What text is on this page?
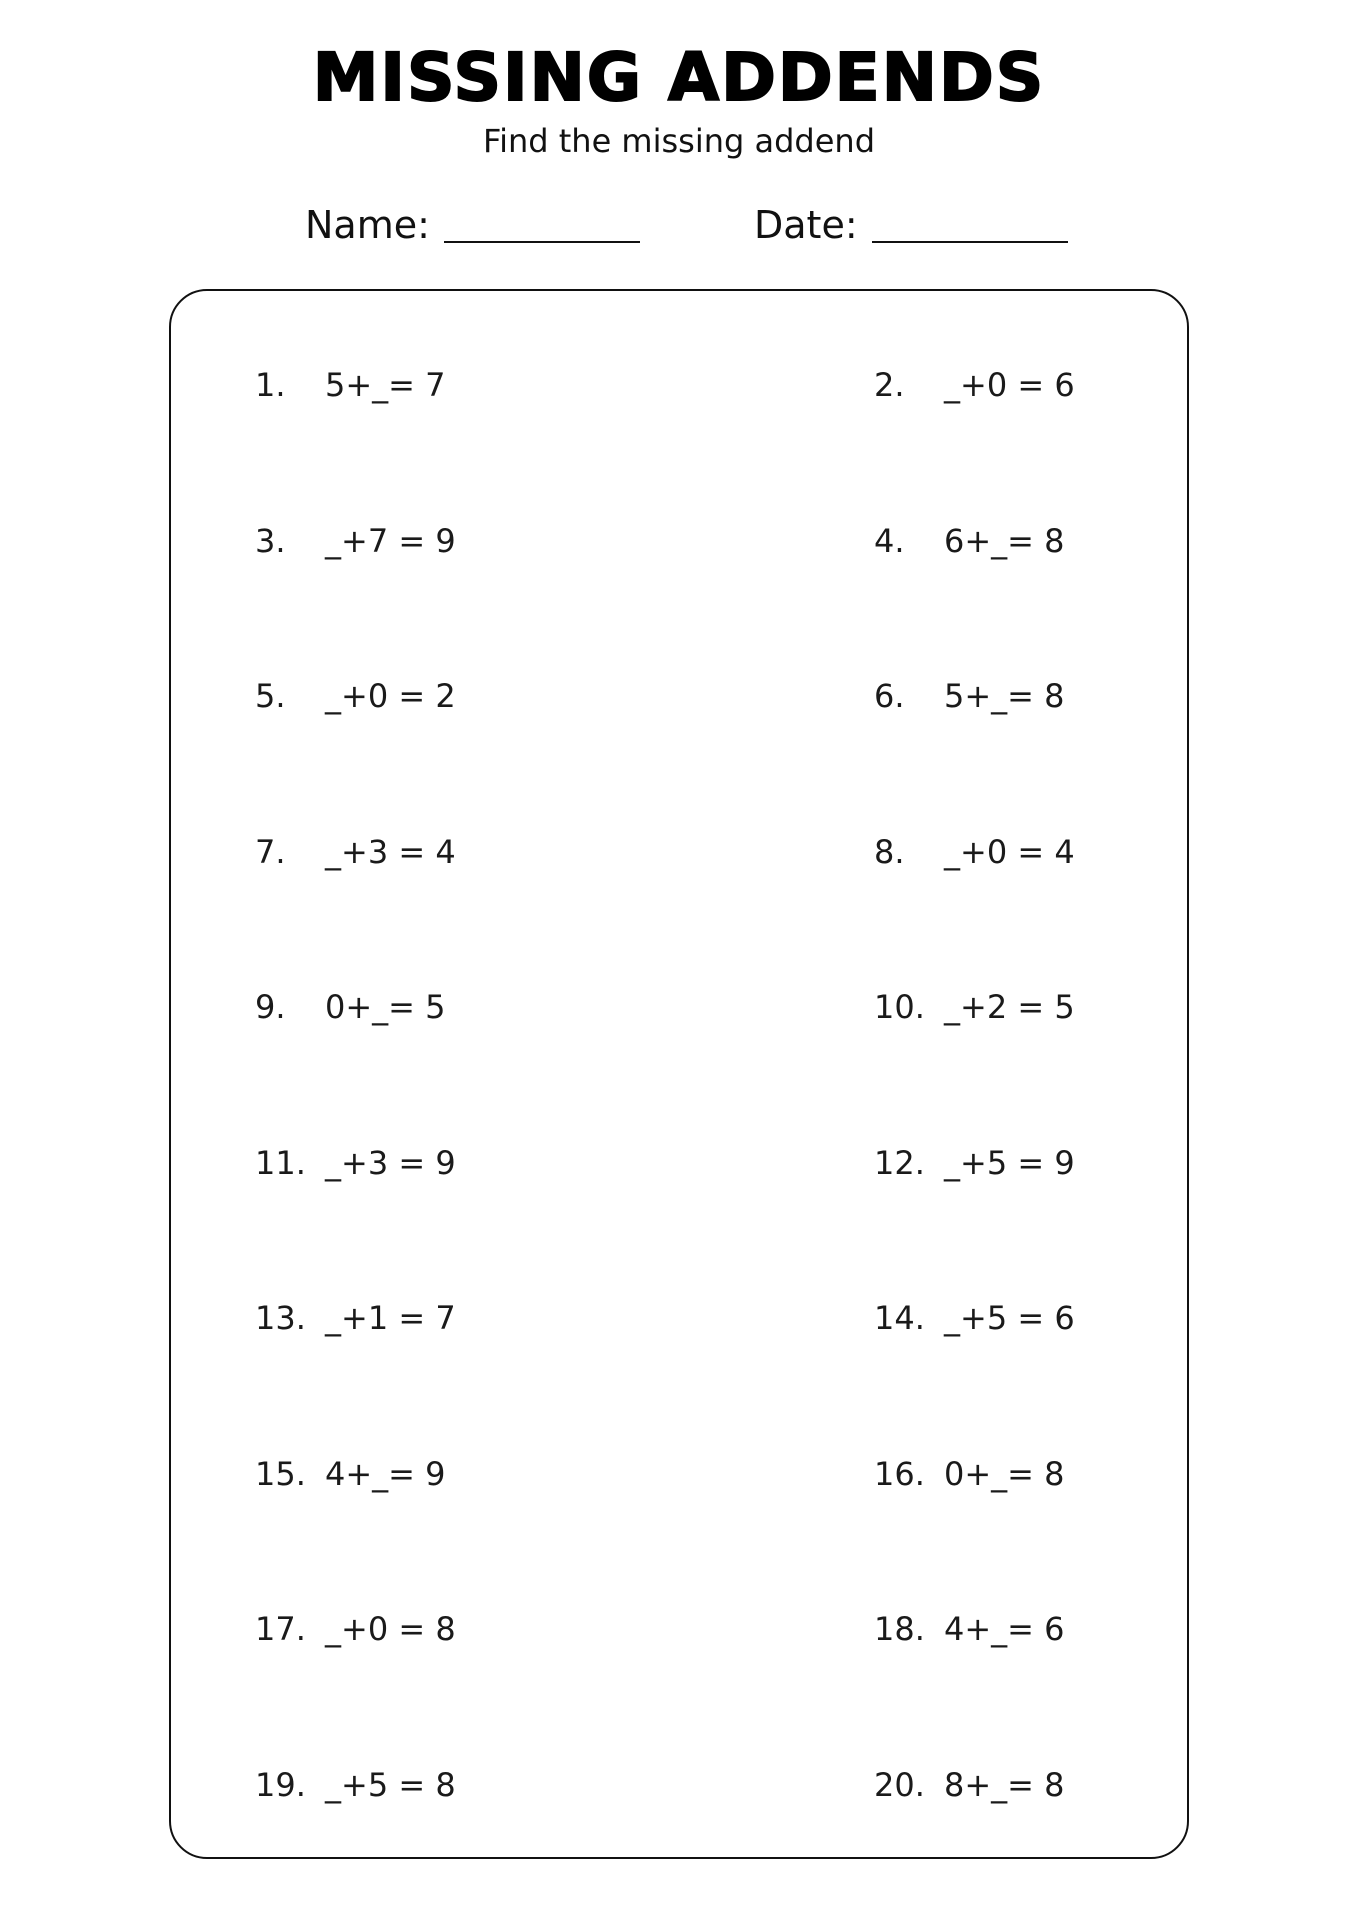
MISSING ADDENDS
Find the missing addend
Name:	Date:
1.	5+_= 7	2.	_+0 = 6
3.	_+7 = 9	4.	6+_= 8
5.	_+0 = 2	6.	5+_= 8
7.	_+3 = 4	8.	_+0 = 4
9.	0+_= 5	10. _+2 = 5
11. _+3 = 9	12. _+5 = 9
13. _+1 = 7	14. _+5 = 6
15. 4+_= 9	16. 0+_= 8
17. _+0 = 8	18. 4+_= 6
19. _+5 = 8	20. 8+_= 8
